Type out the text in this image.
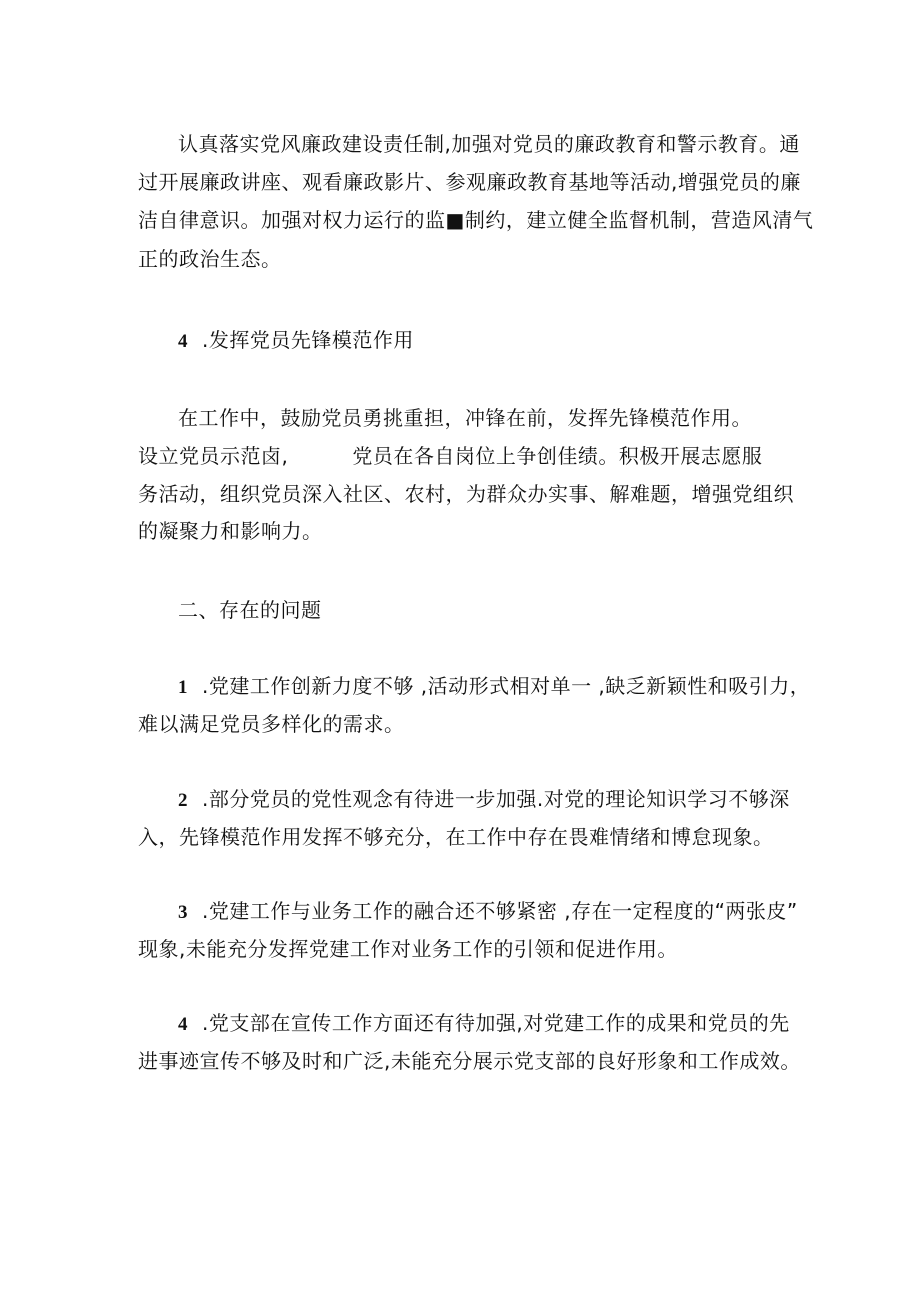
认真落实党风廉政建设责任制,加强对党员的廉政教育和警示教育。通
过开展廉政讲座、观看廉政影片、参观廉政教育基地等活动,增强党员的廉
洁自律意识。加强对权力运行的监■制约，建立健全监督机制，营造风清气
正的政治生态。
4 .发挥党员先锋模范作用
在工作中，鼓励党员勇挑重担，冲锋在前，发挥先锋模范作用。
设立党员示范卤,	党员在各自岗位上争创佳绩。积极开展志愿服
务活动，组织党员深入社区、农村，为群众办实事、解难题，增强党组织
的凝聚力和影响力。
二、存在的问题
1 .党建工作创新力度不够 ,活动形式相对单一 ,缺乏新颖性和吸引力，
难以满足党员多样化的需求。
2 .部分党员的党性观念有待进一步加强.对党的理论知识学习不够深
入，先锋模范作用发挥不够充分，在工作中存在畏难情绪和博怠现象。
3 .党建工作与业务工作的融合还不够紧密 ,存在一定程度的“两张皮”
现象,未能充分发挥党建工作对业务工作的引领和促进作用。
4 .党支部在宣传工作方面还有待加强,对党建工作的成果和党员的先
进事迹宣传不够及时和广泛,未能充分展示党支部的良好形象和工作成效。
